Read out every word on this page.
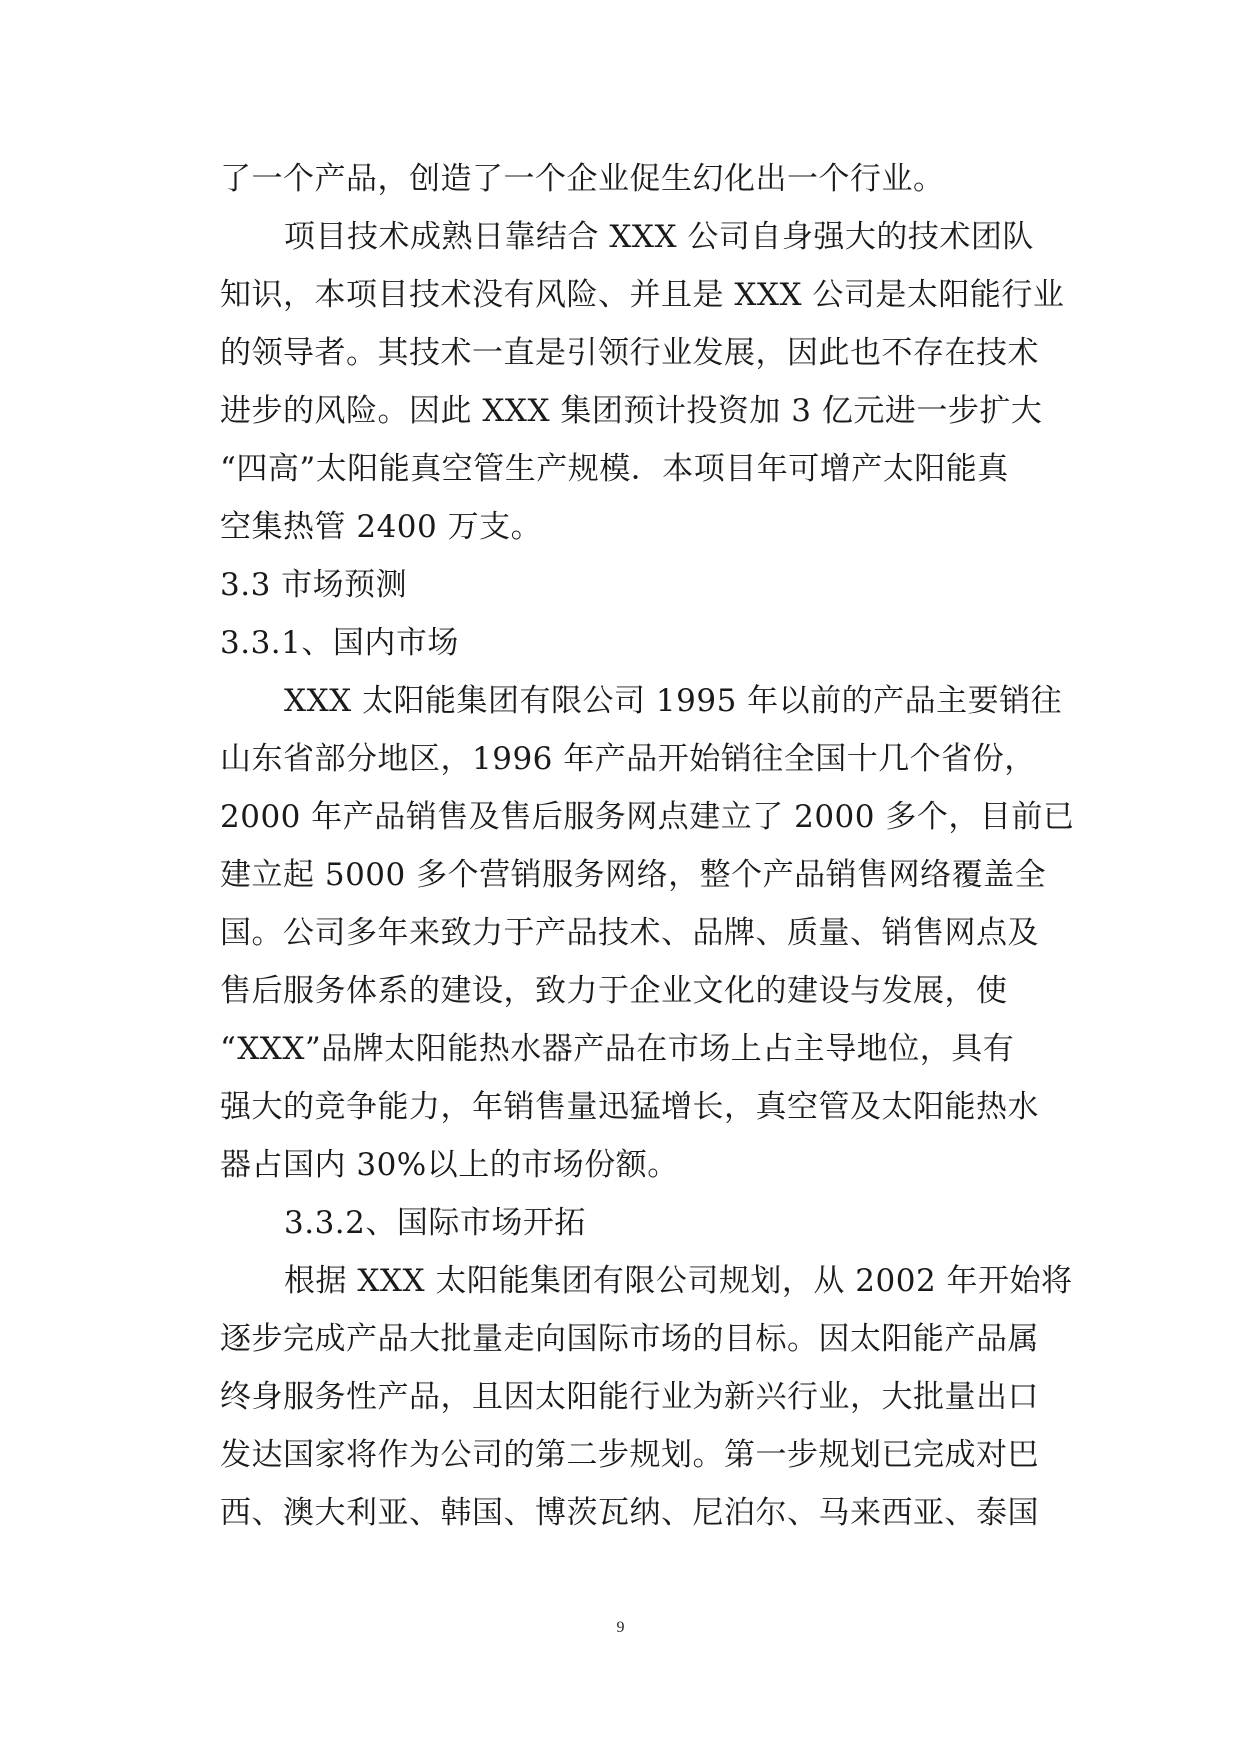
了一个产品，创造了一个企业促生幻化出一个行业。
项目技术成熟日靠结合 XXX 公司自身强大的技术团队
知识，本项目技术没有风险、并且是 XXX 公司是太阳能行业
的领导者。其技术一直是引领行业发展，因此也不存在技术
进步的风险。因此 XXX 集团预计投资加 3 亿元进一步扩大
“四高”太阳能真空管生产规模．本项目年可增产太阳能真
空集热管 2400 万支。
3.3 市场预测
3.3.1、国内市场
XXX 太阳能集团有限公司 1995 年以前的产品主要销往
山东省部分地区，1996 年产品开始销往全国十几个省份，
2000 年产品销售及售后服务网点建立了 2000 多个，目前已
建立起 5000 多个营销服务网络，整个产品销售网络覆盖全
国。公司多年来致力于产品技术、品牌、质量、销售网点及
售后服务体系的建设，致力于企业文化的建设与发展，使
“XXX”品牌太阳能热水器产品在市场上占主导地位，具有
强大的竞争能力，年销售量迅猛增长，真空管及太阳能热水
器占国内 30%以上的市场份额。
3.3.2、国际市场开拓
根据 XXX 太阳能集团有限公司规划，从 2002 年开始将
逐步完成产品大批量走向国际市场的目标。因太阳能产品属
终身服务性产品，且因太阳能行业为新兴行业，大批量出口
发达国家将作为公司的第二步规划。第一步规划已完成对巴
西、澳大利亚、韩国、博茨瓦纳、尼泊尔、马来西亚、泰国
9
